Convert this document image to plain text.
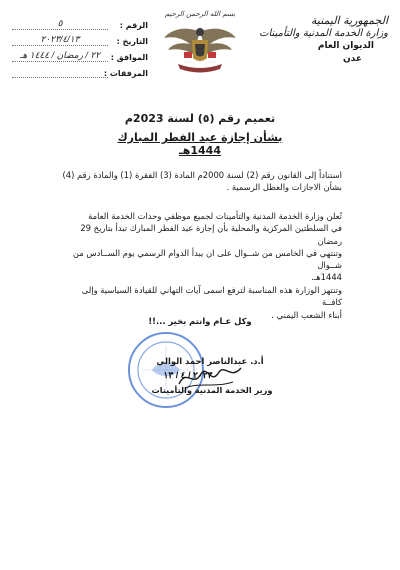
الجمهورية اليمنية
وزارة الخدمة المدنية والتأمينات
الديوان العام
عدن
بسم الله الرحمن الرحيم
الرقم :
٥
التاريخ :
٢٠٢٣/٤/١٣
الموافق :
٢٢ / رمضان / ١٤٤٤ هـ
المرفقات :
تعميم رقم (٥) لسنة 2023م
بشأن إجازة عيد الفطر المبارك 1444هـ
استناداً إلى القانون رقم (2) لسنة 2000م المادة (3) الفقرة (1) والمادة رقم (4)
بشأن الاجازات والعطل الرسمية .
تُعلن وزارة الخدمة المدنية والتأمينات لجميع موظفي وحدات الخدمة العامة
في السلطتين المركزية والمحلية بأن إجازة عيد الفطر المبارك تبدأ بتاريخ 29 رمضان
وتنتهي في الخامس من شــوال على ان يبدأ الدوام الرسمي يوم الســادس من شــوال
1444هـ.
وتنتهز الوزارة هذه المناسبة لترفع اسمى آيات التهاني للقيادة السياسية وإلى كافــة
أبناء الشعب اليمني .
وكل عـام وانتم بخير ...!!
أ.د. عبدالناصر احمد الوالي
٢٠٢٣ / ٤ / ١٣
وزير الخدمة المدنية والتأمينات
